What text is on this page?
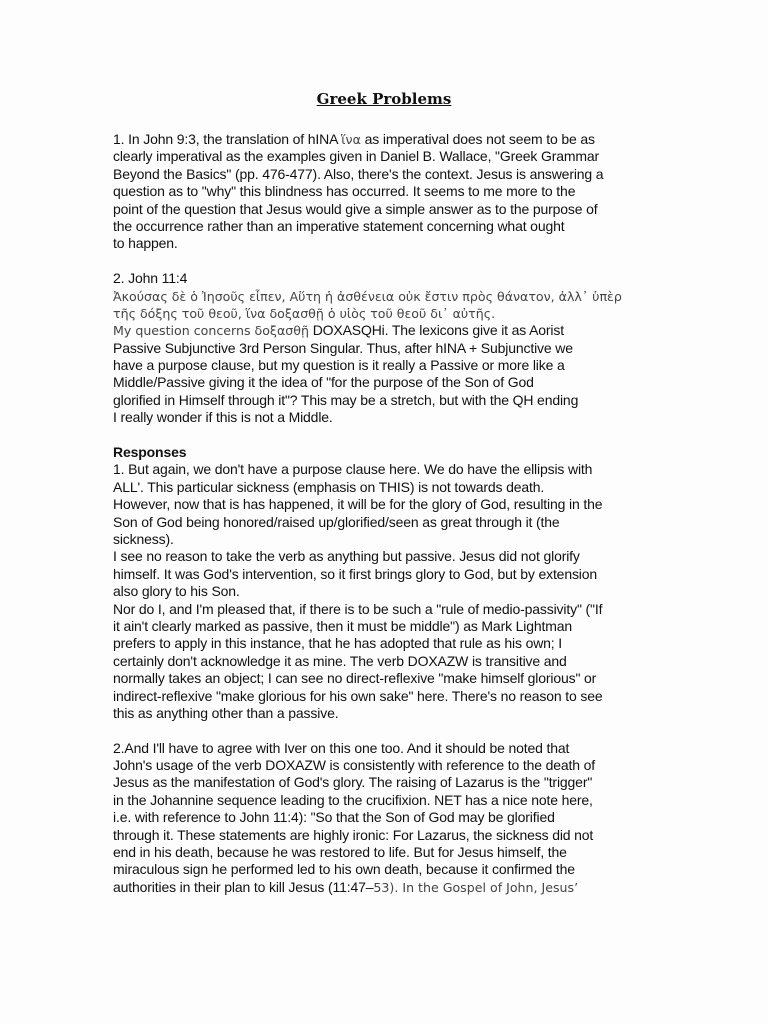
Greek Problems
1. In John 9:3, the translation of hINA ἵνα as imperatival does not seem to be as
clearly imperatival as the examples given in Daniel B. Wallace, "Greek Grammar
Beyond the Basics" (pp. 476-477). Also, there's the context. Jesus is answering a
question as to "why" this blindness has occurred. It seems to me more to the
point of the question that Jesus would give a simple answer as to the purpose of
the occurrence rather than an imperative statement concerning what ought
to happen.
2. John 11:4
Ἀκούσας δὲ ὁ Ἰησοῦς εἶπεν, Αὕτη ἡ ἀσθένεια οὐκ ἔστιν πρὸς θάνατον, ἀλλ᾽ ὑπὲρ
τῆς δόξης τοῦ θεοῦ, ἵνα δοξασθῇ ὁ υἱὸς τοῦ θεοῦ δι᾽ αὐτῆς.
My question concerns δοξασθῇ DOXASQHi. The lexicons give it as Aorist
Passive Subjunctive 3rd Person Singular. Thus, after hINA + Subjunctive we
have a purpose clause, but my question is it really a Passive or more like a
Middle/Passive giving it the idea of "for the purpose of the Son of God
glorified in Himself through it"? This may be a stretch, but with the QH ending
I really wonder if this is not a Middle.
Responses
1. But again, we don't have a purpose clause here. We do have the ellipsis with
ALL'. This particular sickness (emphasis on THIS) is not towards death.
However, now that is has happened, it will be for the glory of God, resulting in the
Son of God being honored/raised up/glorified/seen as great through it (the
sickness).
I see no reason to take the verb as anything but passive. Jesus did not glorify
himself. It was God's intervention, so it first brings glory to God, but by extension
also glory to his Son.
Nor do I, and I'm pleased that, if there is to be such a "rule of medio-passivity" ("If
it ain't clearly marked as passive, then it must be middle") as Mark Lightman
prefers to apply in this instance, that he has adopted that rule as his own; I
certainly don't acknowledge it as mine. The verb DOXAZW is transitive and
normally takes an object; I can see no direct-reflexive "make himself glorious" or
indirect-reflexive "make glorious for his own sake" here. There's no reason to see
this as anything other than a passive.
2.And I'll have to agree with Iver on this one too. And it should be noted that
John's usage of the verb DOXAZW is consistently with reference to the death of
Jesus as the manifestation of God's glory. The raising of Lazarus is the "trigger"
in the Johannine sequence leading to the crucifixion. NET has a nice note here,
i.e. with reference to John 11:4): "So that the Son of God may be glorified
through it. These statements are highly ironic: For Lazarus, the sickness did not
end in his death, because he was restored to life. But for Jesus himself, the
miraculous sign he performed led to his own death, because it confirmed the
authorities in their plan to kill Jesus (11:47–53). In the Gospel of John, Jesus’
